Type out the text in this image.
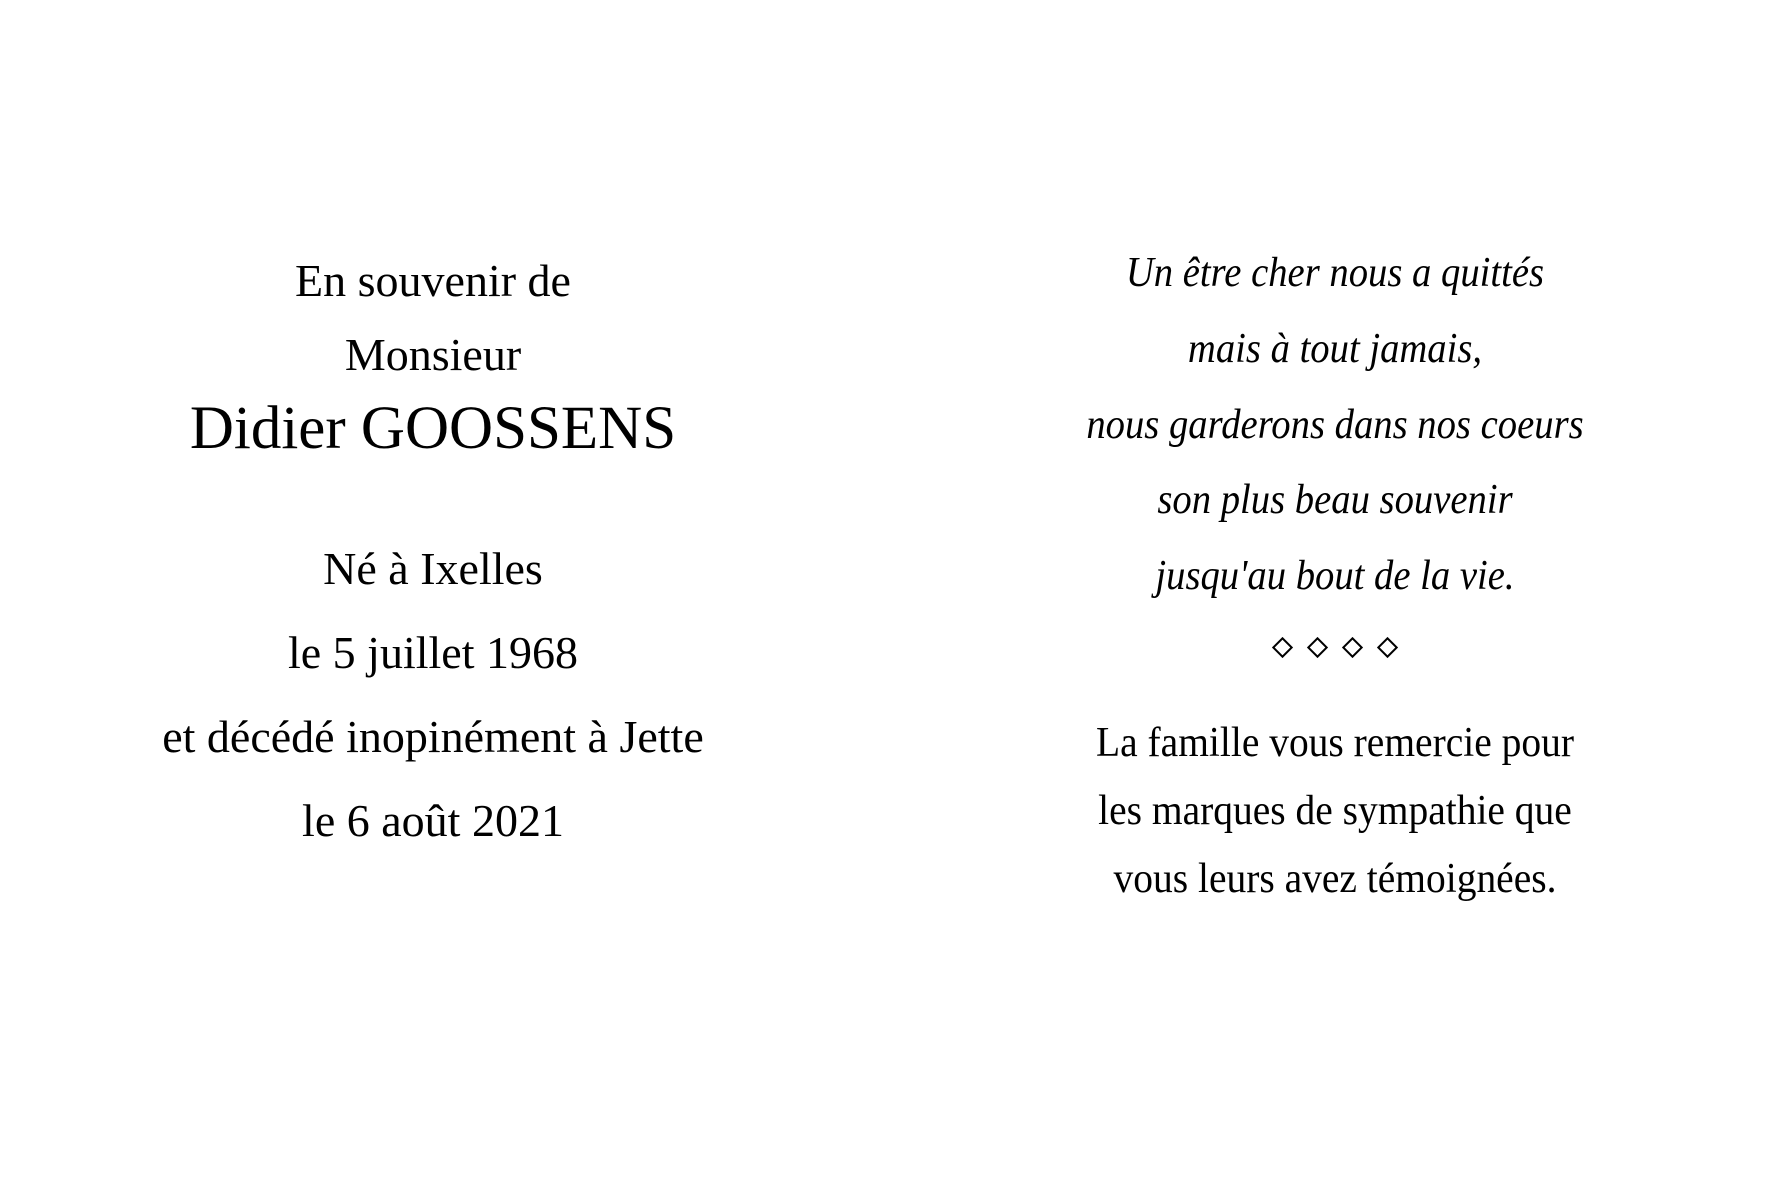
En souvenir de
Monsieur
Didier GOOSSENS
Né à Ixelles
le 5 juillet 1968
et décédé inopinément à Jette
le 6 août 2021
Un être cher nous a quittés
mais à tout jamais,
nous garderons dans nos coeurs
son plus beau souvenir
jusqu'au bout de la vie.
La famille vous remercie pour
les marques de sympathie que
vous leurs avez témoignées.
